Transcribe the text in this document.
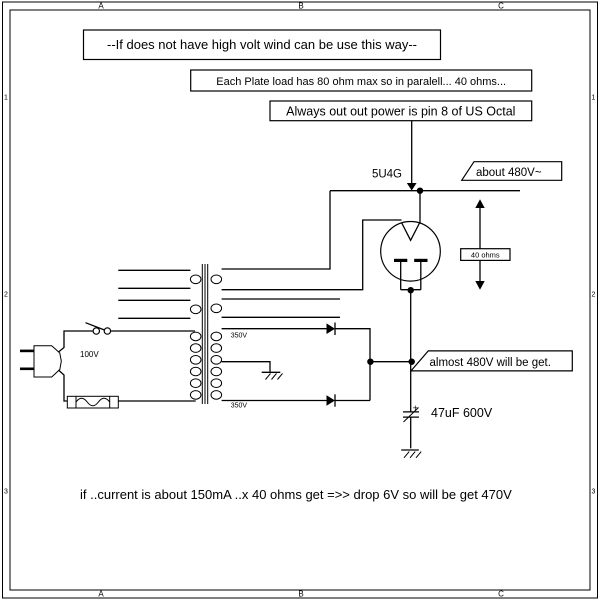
A	B	C
A	B	C
1
2
3
1
2
3
--If does not have high volt wind can be use this way--
Each Plate load has 80 ohm max so in paralell... 40 ohms...
Always out out power is pin 8 of US Octal
100V
350V
350V
5U4G
40 ohms
about 480V~
almost 480V will be get.
+ 47uF 600V
if ..current is about 150mA ..x 40 ohms get =>> drop 6V so will be get 470V
